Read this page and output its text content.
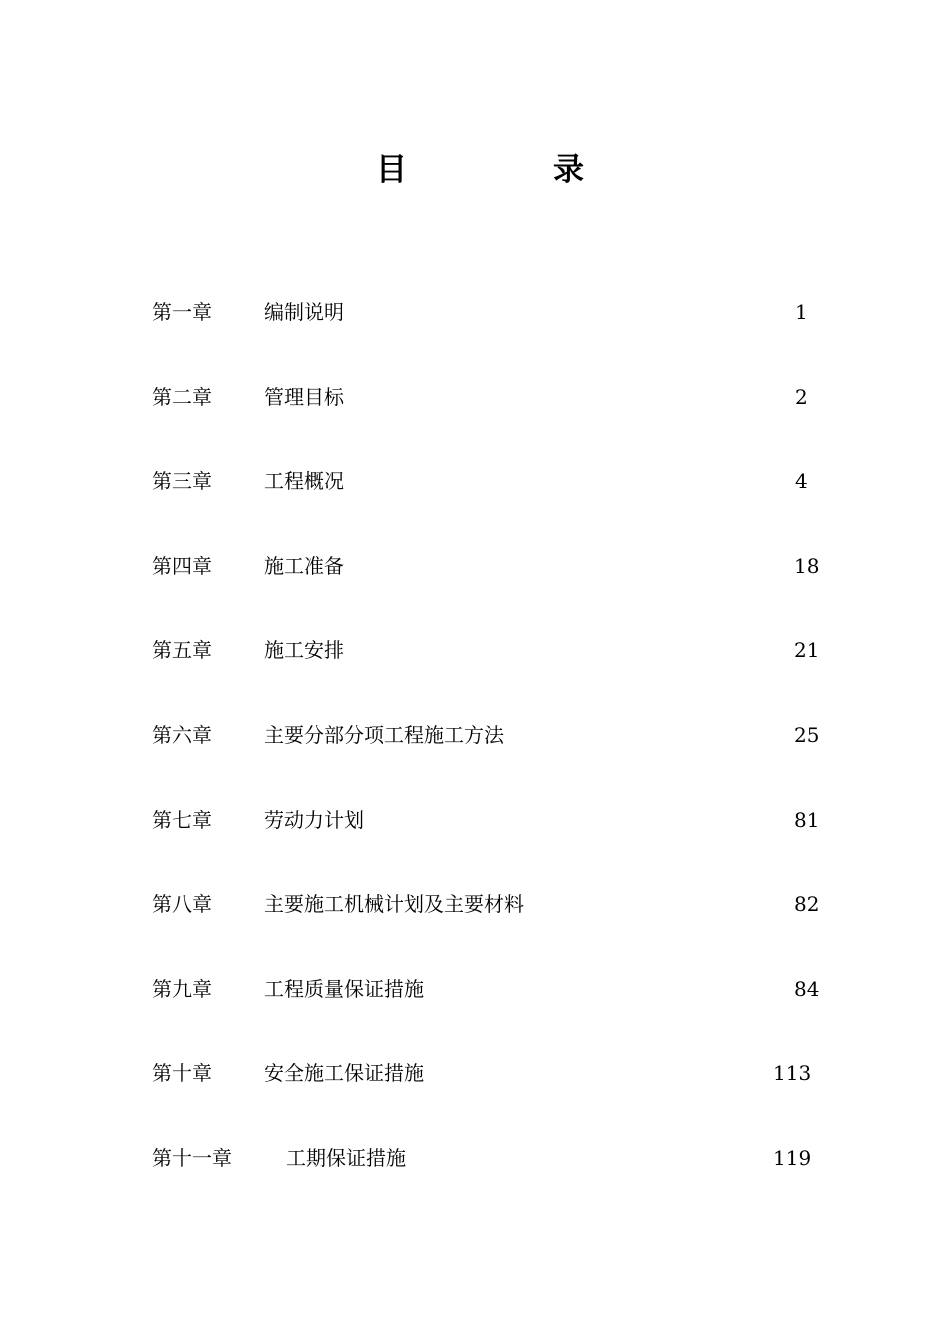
目	录
第一章	编制说明	1
第二章	管理目标	2
第三章	工程概况	4
第四章	施工准备	18
第五章	施工安排	21
第六章	主要分部分项工程施工方法	25
第七章	劳动力计划	81
第八章	主要施工机械计划及主要材料	82
第九章	工程质量保证措施	84
第十章	安全施工保证措施	113
第十一章	工期保证措施	119
